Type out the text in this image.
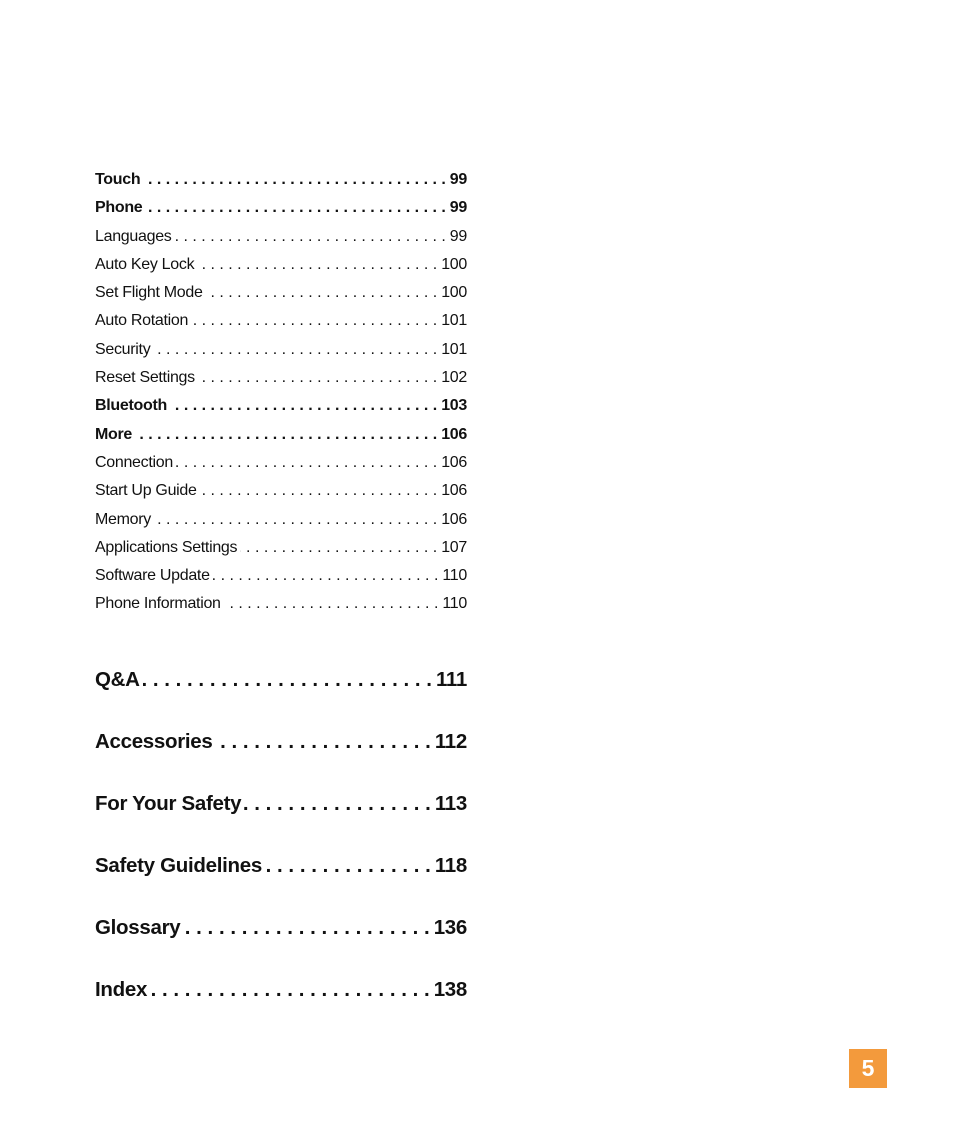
Touch . . .	99
Phone . . .	99
Languages . . .	99
Auto Key Lock . . .	100
Set Flight Mode . . .	100
Auto Rotation . . .	101
Security . . .	101
Reset Settings . . .	102
Bluetooth . . .	103
More . . .	106
Connection . . .	106
Start Up Guide . . .	106
Memory . . .	106
Applications Settings . . .	107
Software Update . . .	110
Phone Information . . .	110
Q&A . . .	111
Accessories . . .	112
For Your Safety . . .	113
Safety Guidelines . . .	118
Glossary . . .	136
Index . . .	138
5
